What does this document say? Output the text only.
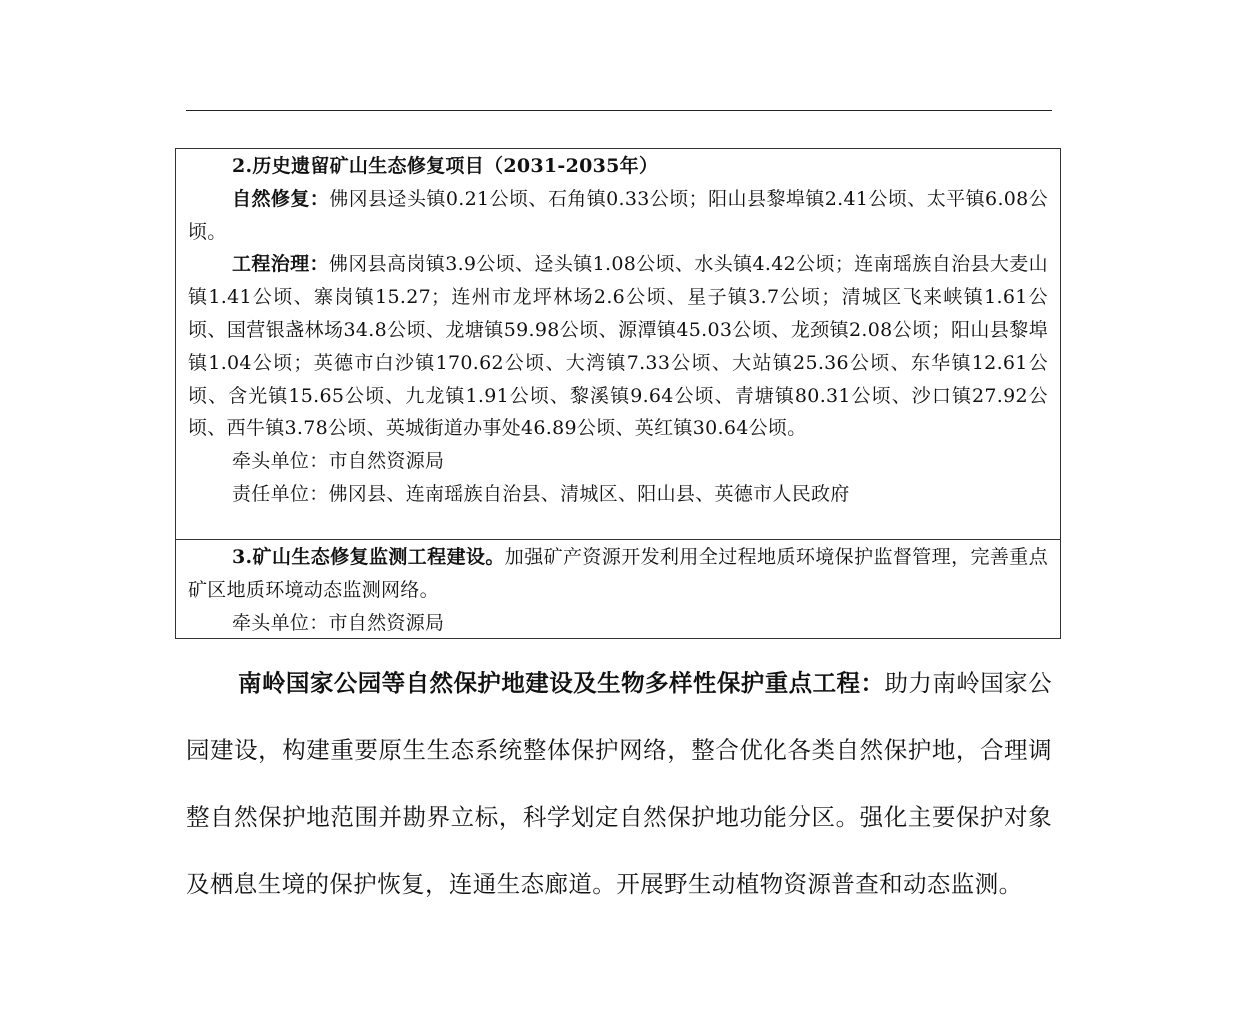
2.历史遗留矿山生态修复项目（2031-2035年）

自然修复：佛冈县迳头镇0.21公顷、石角镇0.33公顷；阳山县黎埠镇2.41公顷、太平镇6.08公顷。

工程治理：佛冈县高岗镇3.9公顷、迳头镇1.08公顷、水头镇4.42公顷；连南瑶族自治县大麦山镇1.41公顷、寨岗镇15.27；连州市龙坪林场2.6公顷、星子镇3.7公顷；清城区飞来峡镇1.61公顷、国营银盏林场34.8公顷、龙塘镇59.98公顷、源潭镇45.03公顷、龙颈镇2.08公顷；阳山县黎埠镇1.04公顷；英德市白沙镇170.62公顷、大湾镇7.33公顷、大站镇25.36公顷、东华镇12.61公顷、含光镇15.65公顷、九龙镇1.91公顷、黎溪镇9.64公顷、青塘镇80.31公顷、沙口镇27.92公顷、西牛镇3.78公顷、英城街道办事处46.89公顷、英红镇30.64公顷。

牵头单位：市自然资源局

责任单位：佛冈县、连南瑶族自治县、清城区、阳山县、英德市人民政府

3.矿山生态修复监测工程建设。加强矿产资源开发利用全过程地质环境保护监督管理，完善重点矿区地质环境动态监测网络。

牵头单位：市自然资源局

南岭国家公园等自然保护地建设及生物多样性保护重点工程：助力南岭国家公园建设，构建重要原生生态系统整体保护网络，整合优化各类自然保护地，合理调整自然保护地范围并勘界立标，科学划定自然保护地功能分区。强化主要保护对象及栖息生境的保护恢复，连通生态廊道。开展野生动植物资源普查和动态监测。
